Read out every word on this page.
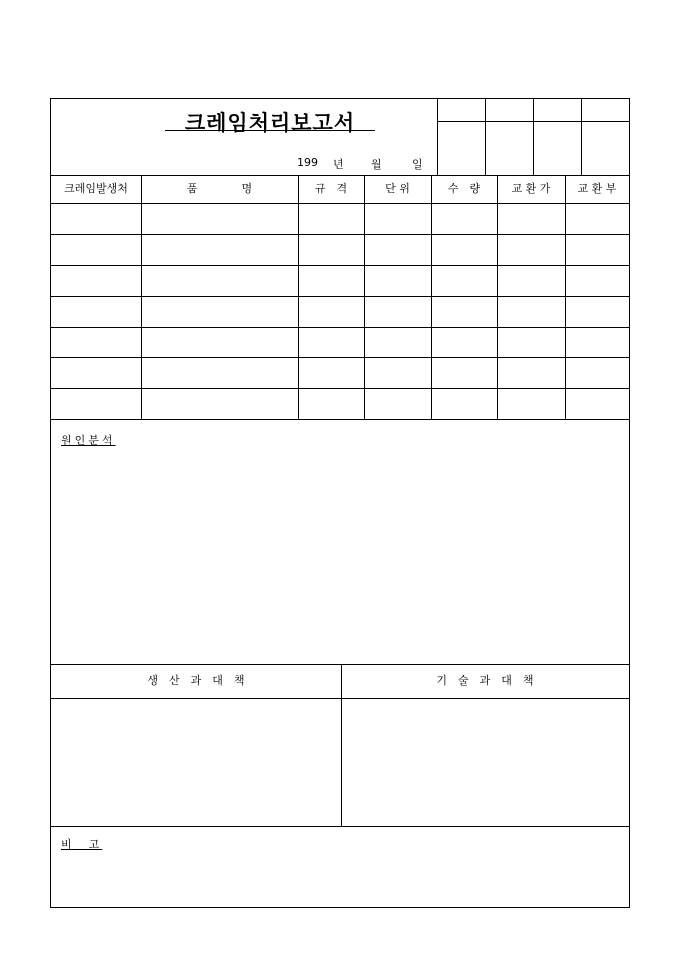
크레임처리보고서
199 년 월	일
크레임발생처	품　　　　명	규　격	단 위	수　량	교 환 가	교 환 부
원인분석
생　산　과　대　책	기　술　과　대　책
비　고
